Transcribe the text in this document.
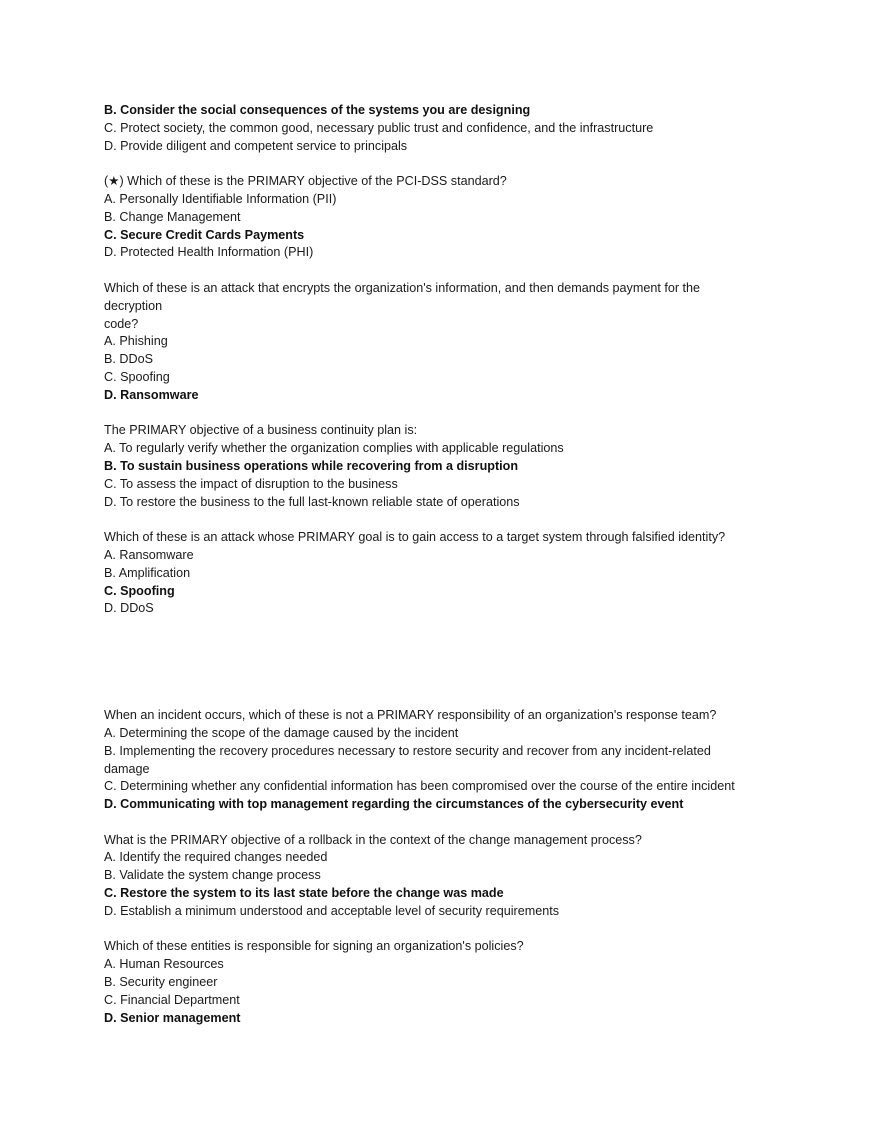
B. Consider the social consequences of the systems you are designing
C. Protect society, the common good, necessary public trust and confidence, and the infrastructure
D. Provide diligent and competent service to principals
(★) Which of these is the PRIMARY objective of the PCI-DSS standard?
A. Personally Identifiable Information (PII)
B. Change Management
C. Secure Credit Cards Payments
D. Protected Health Information (PHI)
Which of these is an attack that encrypts the organization's information, and then demands payment for the
decryption
code?
A. Phishing
B. DDoS
C. Spoofing
D. Ransomware
The PRIMARY objective of a business continuity plan is:
A. To regularly verify whether the organization complies with applicable regulations
B. To sustain business operations while recovering from a disruption
C. To assess the impact of disruption to the business
D. To restore the business to the full last-known reliable state of operations
Which of these is an attack whose PRIMARY goal is to gain access to a target system through falsified identity?
A. Ransomware
B. Amplification
C. Spoofing
D. DDoS
When an incident occurs, which of these is not a PRIMARY responsibility of an organization's response team?
A. Determining the scope of the damage caused by the incident
B. Implementing the recovery procedures necessary to restore security and recover from any incident-related
damage
C. Determining whether any confidential information has been compromised over the course of the entire incident
D. Communicating with top management regarding the circumstances of the cybersecurity event
What is the PRIMARY objective of a rollback in the context of the change management process?
A. Identify the required changes needed
B. Validate the system change process
C. Restore the system to its last state before the change was made
D. Establish a minimum understood and acceptable level of security requirements
Which of these entities is responsible for signing an organization's policies?
A. Human Resources
B. Security engineer
C. Financial Department
D. Senior management
